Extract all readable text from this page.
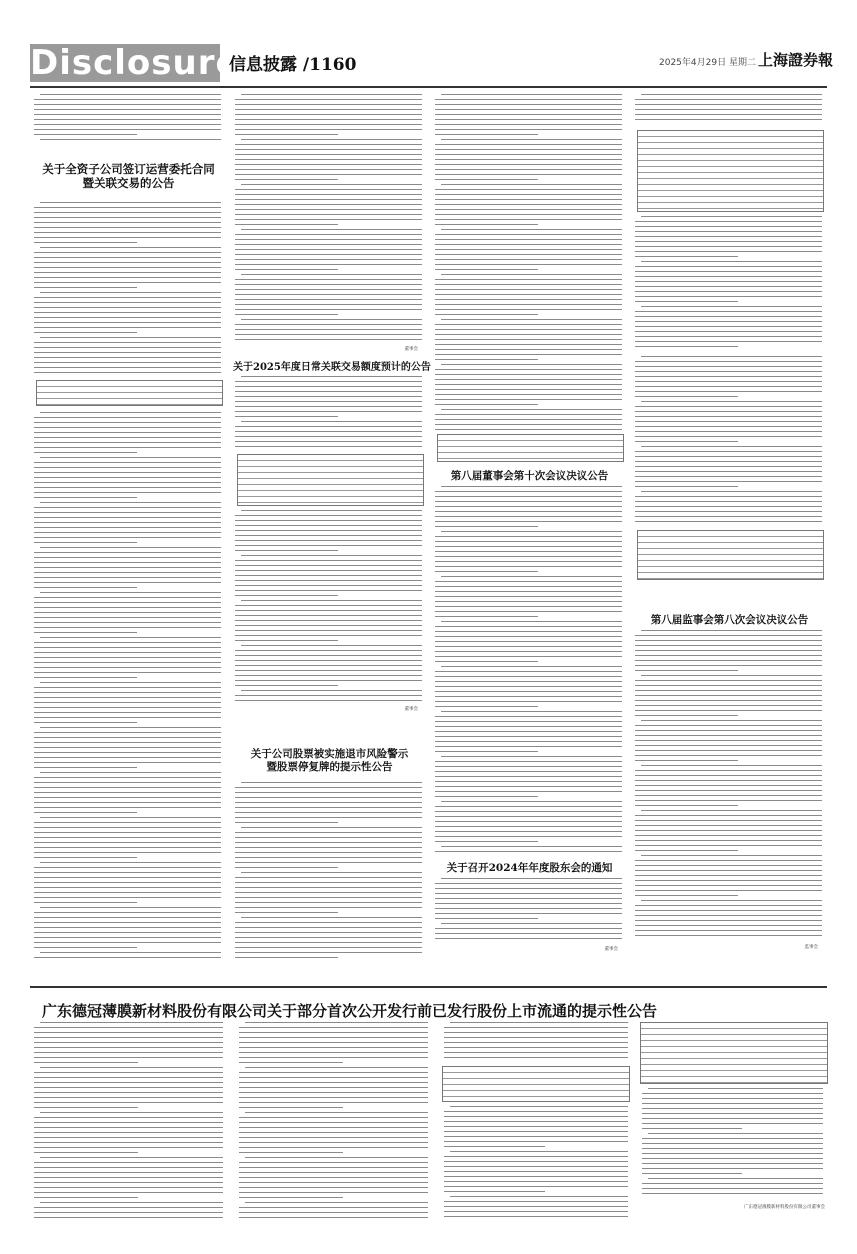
Disclosure
信息披露 /1160	2025年4月29日 星期二 上海證券報
关于全资子公司签订运营委托合同
暨关联交易的公告
董事会
关于2025年度日常关联交易额度预计的公告
董事会
关于公司股票被实施退市风险警示
暨股票停复牌的提示性公告
第八届董事会第十次会议决议公告
关于召开2024年年度股东会的通知
董事会
第八届监事会第八次会议决议公告
监事会
广东德冠薄膜新材料股份有限公司关于部分首次公开发行前已发行股份上市流通的提示性公告
广东德冠薄膜新材料股份有限公司董事会
